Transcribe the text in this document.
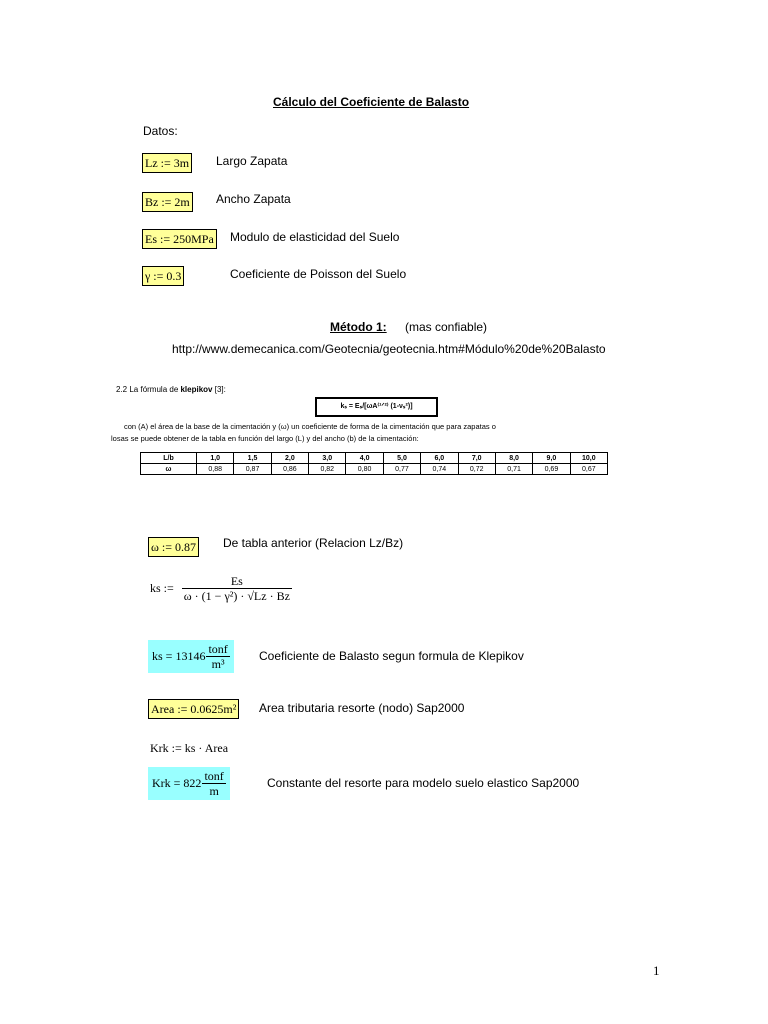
Cálculo del Coeficiente de Balasto
Datos:
Lz := 3m Largo Zapata
Bz := 2m Ancho Zapata
Es := 250MPa Modulo de elasticidad del Suelo
γ := 0.3	Coeficiente de Poisson del Suelo
Método 1: (mas confiable)
http://www.demecanica.com/Geotecnia/geotecnia.htm#Módulo%20de%20Balasto
2.2 La fórmula de klepikov [3]:
kₛ = Eₛ/[ωA⁽¹ᐟ²⁾ (1-νₛ²)]
con (A) el área de la base de la cimentación y (ω) un coeficiente de forma de la cimentación que para zapatas o
losas se puede obtener de la tabla en función del largo (L) y del ancho (b) de la cimentación:
L/b	1,0	1,5	2,0	3,0	4,0	5,0	6,0	7,0	8,0	9,0	10,0
ω	0,88	0,87	0,86	0,82	0,80	0,77	0,74	0,72	0,71	0,69	0,67
ω := 0.87 De tabla anterior (Relacion Lz/Bz)
ks := $\frac{Es}{\text{ω · (1 − γ²) · √Lz · Bz}}$
ks = $13146 \frac{\text{tonf}}{\text{m³}}$ Coeficiente de Balasto segun formula de Klepikov
Area := 0.0625m² Area tributaria resorte (nodo) Sap2000
Krk := ks · Area
Krk = $822 \frac{\text{tonf}}{m}$	Constante del resorte para modelo suelo elastico Sap2000
1
